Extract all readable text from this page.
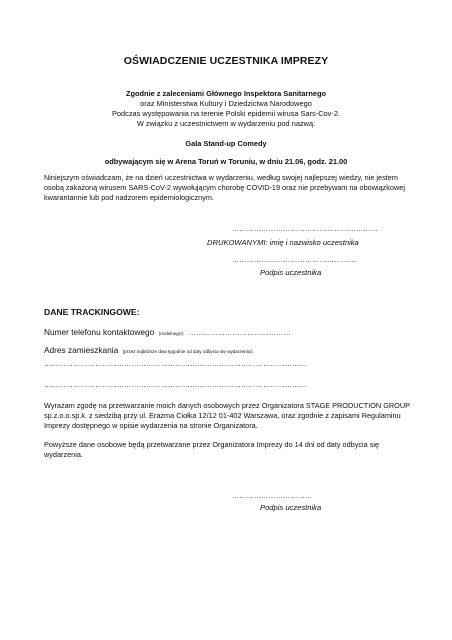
OŚWIADCZENIE UCZESTNIKA IMPREZY
Zgodnie z zaleceniami Głównego Inspektora Sanitarnego
oraz Ministerstwa Kultury i Dziedzictwa Narodowego
Podczas występowania na terenie Polski epidemii wirusa Sars-Cov-2.
W związku z uczestnictwem w wydarzeniu pod nazwą:
Gala Stand-up Comedy
odbywającym się w Arena Toruń w Toruniu, w dniu 21.06, godz. 21.00
Niniejszym oświadczam, że na dzień uczestnictwa w wydarzeniu, według swojej najlepszej wiedzy, nie jestem osobą zakażoną wirusem SARS-CoV-2 wywołującym chorobę COVID-19 oraz nie przebywam na obowiązkowej kwarantannie lub pod nadzorem epidemiologicznym.
……………………………………………………
DRUKOWANYMI: imię i nazwisko uczestnika
……………………………………………
Podpis uczestnika
DANE TRACKINGOWE:
Numer telefonu kontaktowego (mobilnego): ……………………………………
Adres zamieszkania (przez najbliższe dwa tygodnie od daty odbycia się wydarzenia):
………………………………………………………………………………………………
………………………………………………………………………………………………
Wyrażam zgodę na przetwarzanie moich danych osobowych przez Organizatora STAGE PRODUCTION GROUP sp.z.o.o.sp.k. z siedzibą przy ul. Erazma Ciołka 12/12 01-402 Warszawa, oraz zgodnie z zapisami Regulaminu Imprezy dostępnego w opisie wydarzenia na stronie Organizatora.
Powyższe dane osobowe będą przetwarzane przez Organizatora Imprezy do 14 dni od daty odbycia się wydarzenia.
……………………………
Podpis uczestnika
